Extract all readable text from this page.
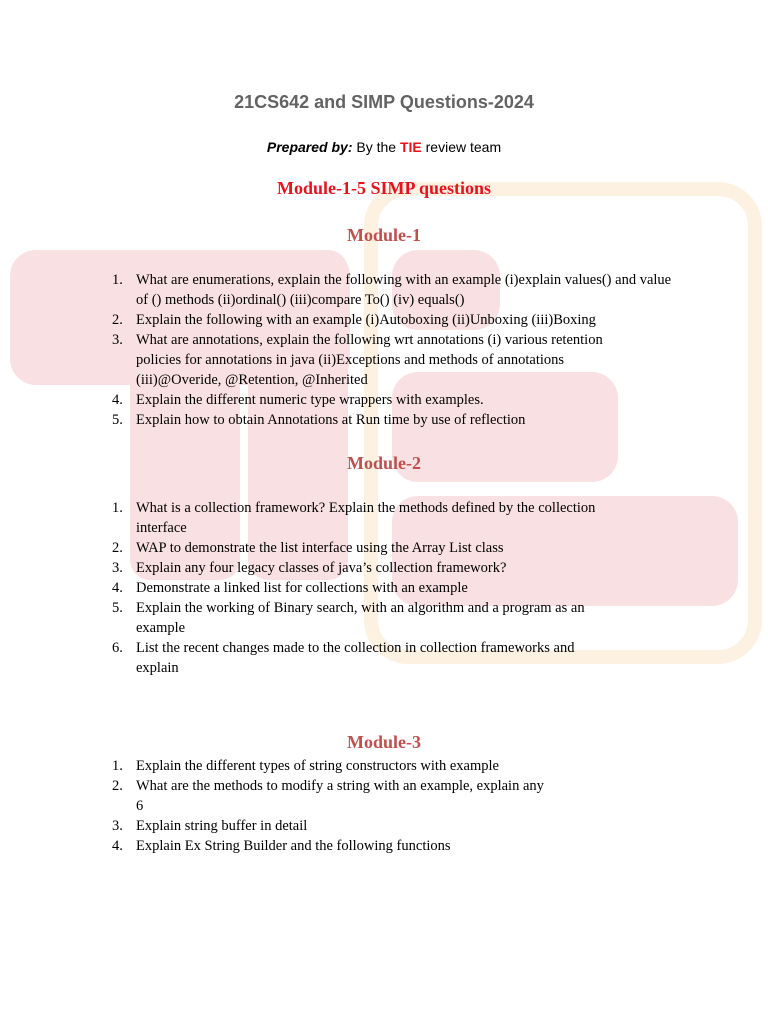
21CS642 and SIMP Questions-2024
Prepared by: By the TIE review team
Module-1-5 SIMP questions
Module-1
1. What are enumerations, explain the following with an example (i)explain values() and value of () methods (ii)ordinal() (iii)compare To() (iv) equals()
2. Explain the following with an example (i)Autoboxing (ii)Unboxing (iii)Boxing
3. What are annotations, explain the following wrt annotations (i) various retention policies for annotations in java (ii)Exceptions and methods of annotations (iii)@Overide, @Retention, @Inherited
4. Explain the different numeric type wrappers with examples.
5. Explain how to obtain Annotations at Run time by use of reflection
Module-2
1. What is a collection framework? Explain the methods defined by the collection interface
2. WAP to demonstrate the list interface using the Array List class
3. Explain any four legacy classes of java’s collection framework?
4. Demonstrate a linked list for collections with an example
5. Explain the working of Binary search, with an algorithm and a program as an example
6. List the recent changes made to the collection in collection frameworks and explain
Module-3
1. Explain the different types of string constructors with example
2. What are the methods to modify a string with an example, explain any 6
3. Explain string buffer in detail
4. Explain Ex String Builder and the following functions
